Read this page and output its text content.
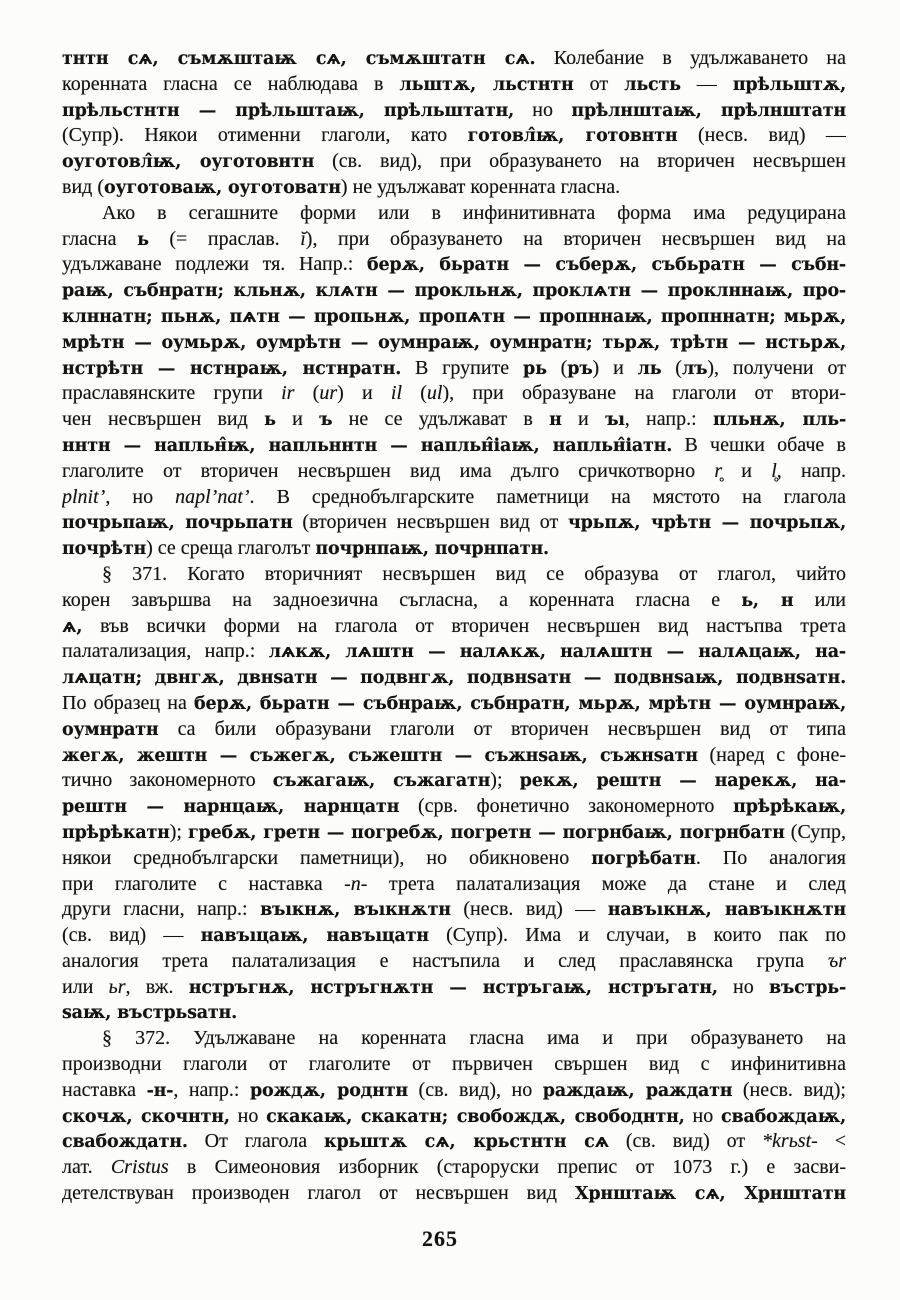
тнтн сѧ, съмѫштаѭ сѧ, съмѫштатн сѧ. Колебание в удължаването на
коренната гласна се наблюдава в льштѫ, льстнтн от льсть — прѣльштѫ,
прѣльстнтн — прѣльштаѭ, прѣльштатн, но прѣлнштаѭ, прѣлнштатн
(Супр). Някои отименни глаголи, като готовл̂ѭ, готовнтн (несв. вид) —
оуготовл̂ѭ, оуготовнтн (св. вид), при образуването на вторичен несвършен
вид (оуготоваѭ, оуготоватн) не удължават коренната гласна.
Ако в сегашните форми или в инфинитивната форма има редуцирана
гласна ь (= праслав. ĭ), при образуването на вторичен несвършен вид на
удължаване подлежи тя. Напр.: берѫ, бьратн — съберѫ, събьратн — събн-
раѭ, събнратн; кльнѫ, клѧтн — прокльнѫ, проклѧтн — проклннаѭ, про-
клннатн; пьнѫ, пѧтн — пропьнѫ, пропѧтн — пропннаѭ, пропннатн; мьрѫ,
мрѣтн — оумьрѫ, оумрѣтн — оумнраѭ, оумнратн; тьрѫ, трѣтн — нстьрѫ,
нстрѣтн — нстнраѭ, нстнратн. В групите рь (ръ) и ль (лъ), получени от
праславянските групи ir (ur) и il (ul), при образуване на глаголи от втори-
чен несвършен вид ь и ъ не се удължават в н и ъı, напр.: пльнѫ, пль-
ннтн — напльн̂ѭ, напльннтн — напльн̂іаѭ, напльн̂іатн. В чешки обаче в
глаголите от вторичен несвършен вид има дълго сричкотворно r̥ и l̥, напр.
plnit’, но napl’nat’. В среднобългарските паметници на мястото на глагола
почрьпаѭ, почрьпатн (вторичен несвършен вид от чрьпѫ, чрѣтн — почрьпѫ,
почрѣтн) се среща глаголът почрнпаѭ, почрнпатн.
§ 371. Когато вторичният несвършен вид се образува от глагол, чийто
корен завършва на задноезична съгласна, а коренната гласна е ь, н или
ѧ, във всички форми на глагола от вторичен несвършен вид настъпва трета
палатализация, напр.: лѧкѫ, лѧштн — налѧкѫ, налѧштн — налѧцаѭ, на-
лѧцатн; двнгѫ, двнѕатн — подвнгѫ, подвнѕатн — подвнѕаѭ, подвнѕатн.
По образец на берѫ, бьратн — събнраѭ, събнратн, мьрѫ, мрѣтн — оумнраѭ,
оумнратн са били образувани глаголи от вторичен несвършен вид от типа
жегѫ, жештн — съжегѫ, съжештн — съжнѕаѭ, съжнѕатн (наред с фоне-
тично закономерното съжагаѭ, съжагатн); рекѫ, рештн — нарекѫ, на-
рештн — нарнцаѭ, нарнцатн (срв. фонетично закономерното прѣрѣкаѭ,
прѣрѣкатн); гребѫ, гретн — погребѫ, погретн — погрнбаѭ, погрнбатн (Супр,
някои среднобългарски паметници), но обикновено погрѣбатн. По аналогия
при глаголите с наставка -n- трета палатализация може да стане и след
други гласни, напр.: въıкнѫ, въıкнѫтн (несв. вид) — навъıкнѫ, навъıкнѫтн
(св. вид) — навъıцаѭ, навъıцатн (Супр). Има и случаи, в които пак по
аналогия трета палатализация е настъпила и след праславянска група ъr
или ьr, вж. нстръгнѫ, нстръгнѫтн — нстръгаѭ, нстръгатн, но въстрь-
ѕаѭ, въстрьѕатн.
§ 372. Удължаване на коренната гласна има и при образуването на
производни глаголи от глаголите от първичен свършен вид с инфинитивна
наставка -н-, напр.: рождѫ, роднтн (св. вид), но раждаѭ, раждатн (несв. вид);
скочѫ, скочнтн, но скакаѭ, скакатн; свобождѫ, свободнтн, но свабождаѭ,
свабождатн. От глагола крьштѫ сѧ, крьстнтн сѧ (св. вид) от *krьst- <
лат. Cristus в Симеоновия изборник (староруски препис от 1073 г.) е засви-
детелствуван производен глагол от несвършен вид Хрнштаѭ сѧ, Хрнштатн
265
